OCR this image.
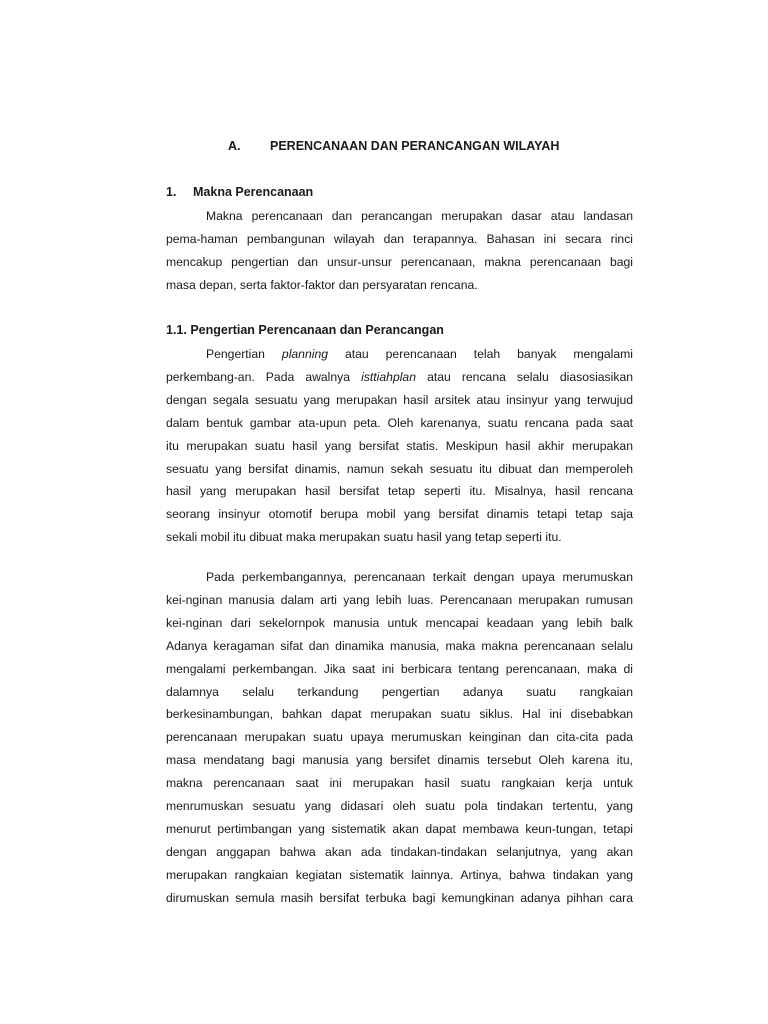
A. PERENCANAAN DAN PERANCANGAN WILAYAH
1. Makna Perencanaan
Makna perencanaan dan perancangan merupakan dasar atau landasan
pema-haman pembangunan wilayah dan terapannya. Bahasan ini secara rinci
mencakup pengertian dan unsur-unsur perencanaan, makna perencanaan bagi
masa depan, serta faktor-faktor dan persyaratan rencana.
1.1. Pengertian Perencanaan dan Perancangan
Pengertian planning atau perencanaan telah banyak mengalami
perkembang-an. Pada awalnya isttiahplan atau rencana selalu diasosiasikan
dengan segala sesuatu yang merupakan hasil arsitek atau insinyur yang terwujud
dalam bentuk gambar ata-upun peta. Oleh karenanya, suatu rencana pada saat
itu merupakan suatu hasil yang bersifat statis. Meskipun hasil akhir merupakan
sesuatu yang bersifat dinamis, namun sekah sesuatu itu dibuat dan memperoleh
hasil yang merupakan hasil bersifat tetap seperti itu. Misalnya, hasil rencana
seorang insinyur otomotif berupa mobil yang bersifat dinamis tetapi tetap saja
sekali mobil itu dibuat maka merupakan suatu hasil yang tetap seperti itu.
Pada perkembangannya, perencanaan terkait dengan upaya merumuskan
kei-nginan manusia dalam arti yang lebih luas. Perencanaan merupakan rumusan
kei-nginan dari sekelornpok manusia untuk mencapai keadaan yang lebih balk
Adanya keragaman sifat dan dinamika manusia, maka makna perencanaan selalu
mengalami perkembangan. Jika saat ini berbicara tentang perencanaan, maka di
dalamnya selalu terkandung pengertian adanya suatu rangkaian
berkesinambungan, bahkan dapat merupakan suatu siklus. Hal ini disebabkan
perencanaan merupakan suatu upaya merumuskan keinginan dan cita-cita pada
masa mendatang bagi manusia yang bersifet dinamis tersebut Oleh karena itu,
makna perencanaan saat ini merupakan hasil suatu rangkaian kerja untuk
menrumuskan sesuatu yang didasari oleh suatu pola tindakan tertentu, yang
menurut pertimbangan yang sistematik akan dapat membawa keun-tungan, tetapi
dengan anggapan bahwa akan ada tindakan-tindakan selanjutnya, yang akan
merupakan rangkaian kegiatan sistematik lainnya. Artinya, bahwa tindakan yang
dirumuskan semula masih bersifat terbuka bagi kemungkinan adanya pihhan cara
